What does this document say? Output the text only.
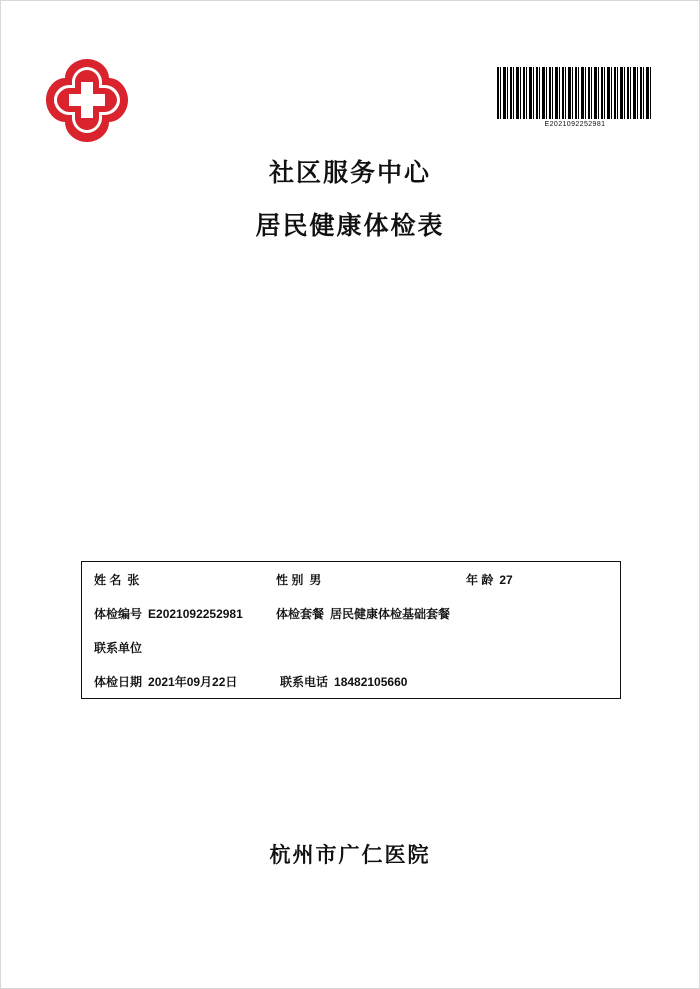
E2021092252981
社区服务中心
居民健康体检表
姓 名 张	性 别 男	年 龄 27
体检编号 E2021092252981	体检套餐 居民健康体检基础套餐
联系单位
体检日期 2021年09月22日	联系电话 18482105660
杭州市广仁医院
